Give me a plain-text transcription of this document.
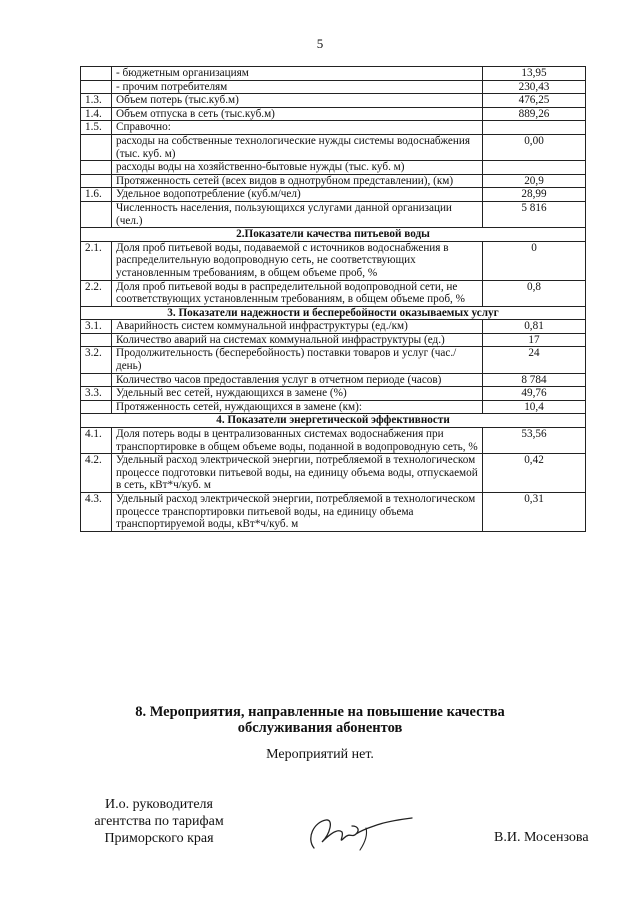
5
	- бюджетным организациям	13,95
	- прочим потребителям	230,43
1.3.	Объем потерь (тыс.куб.м)	476,25
1.4.	Объем отпуска в сеть (тыс.куб.м)	889,26
1.5.	Справочно:	
	расходы на собственные технологические нужды системы водоснабжения (тыс. куб. м)	0,00
	расходы воды на хозяйственно-бытовые нужды (тыс. куб. м)	
	Протяженность сетей (всех видов в однотрубном представлении), (км)	20,9
1.6.	Удельное водопотребление (куб.м/чел)	28,99
	Численность населения, пользующихся услугами данной организации (чел.)	5 816
2.Показатели качества питьевой воды		
2.1.	Доля проб питьевой воды, подаваемой с источников водоснабжения в распределительную водопроводную сеть, не соответствующих установленным требованиям, в общем объеме проб, %	0
2.2.	Доля проб питьевой воды в распределительной водопроводной сети, не соответствующих установленным требованиям, в общем объеме проб, %	0,8
3. Показатели надежности и бесперебойности оказываемых услуг		
3.1.	Аварийность систем коммунальной инфраструктуры (ед./км)	0,81
	Количество аварий на системах коммунальной инфраструктуры (ед.)	17
3.2.	Продолжительность (бесперебойность) поставки товаров и услуг (час./день)	24
	Количество часов предоставления услуг в отчетном периоде (часов)	8 784
3.3.	Удельный вес сетей, нуждающихся в замене (%)	49,76
	Протяженность сетей, нуждающихся в замене (км):	10,4
4. Показатели энергетической эффективности		
4.1.	Доля потерь воды в централизованных системах водоснабжения при транспортировке в общем объеме воды, поданной в водопроводную сеть, %	53,56
4.2.	Удельный расход электрической энергии, потребляемой в технологическом процессе подготовки питьевой воды, на единицу объема воды, отпускаемой в сеть, кВт*ч/куб. м	0,42
4.3.	Удельный расход электрической энергии, потребляемой в технологическом процессе транспортировки питьевой воды, на единицу объема транспортируемой воды, кВт*ч/куб. м	0,31
8. Мероприятия, направленные на повышение качества
обслуживания абонентов
Мероприятий нет.
И.о. руководителя
агентства по тарифам
Приморского края	В.И. Мосензова
